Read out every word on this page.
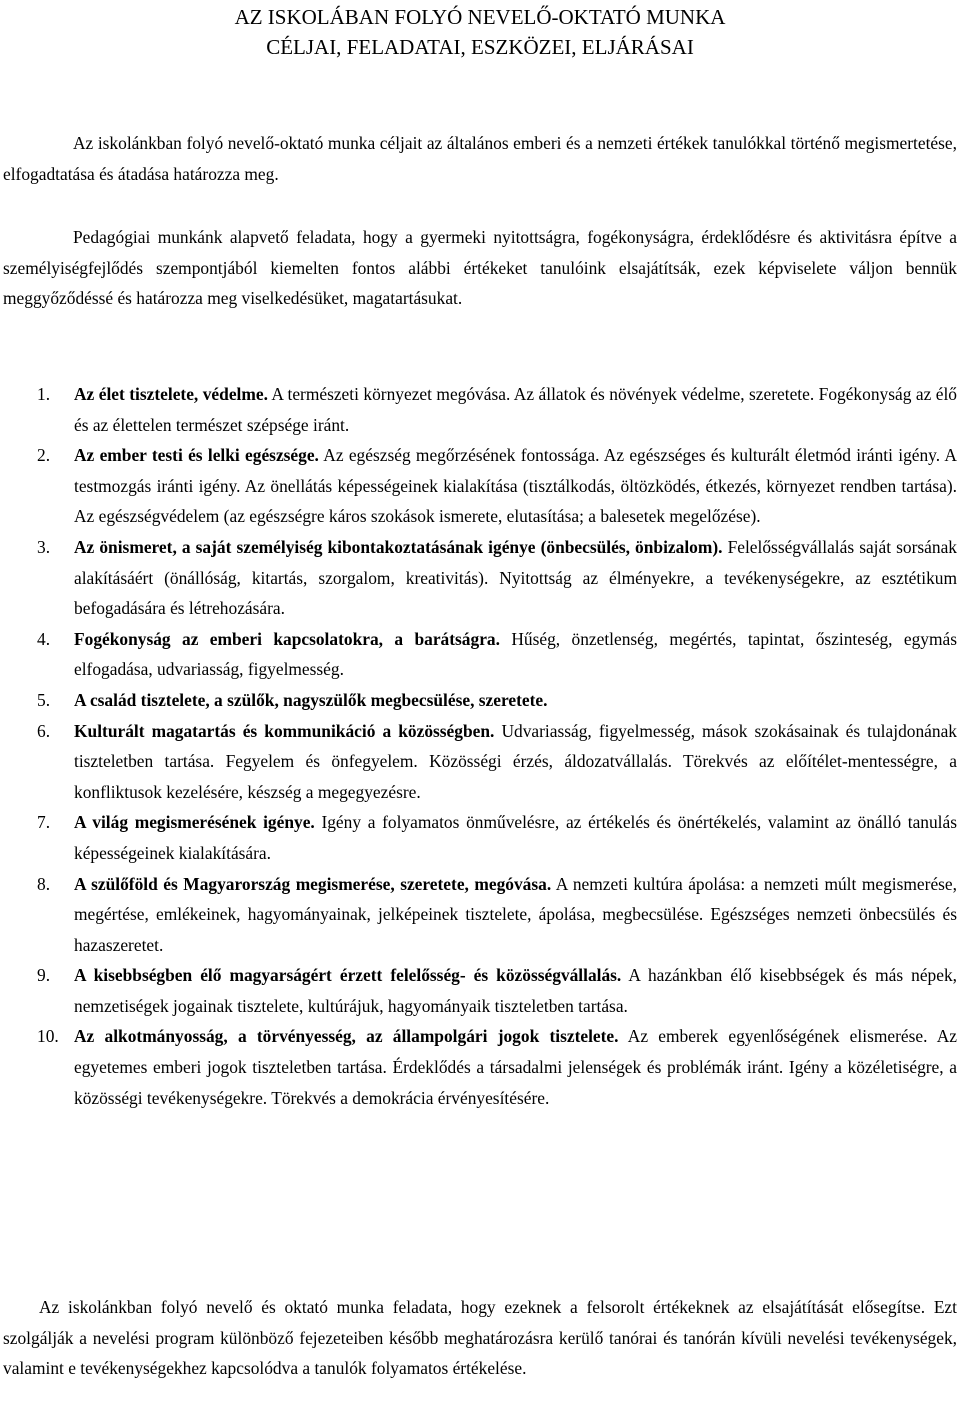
AZ ISKOLÁBAN FOLYÓ NEVELŐ-OKTATÓ MUNKA
CÉLJAI, FELADATAI, ESZKÖZEI, ELJÁRÁSAI

Az iskolánkban folyó nevelő-oktató munka céljait az általános emberi és a nemzeti értékek tanulókkal történő megismertetése, elfogadtatása és átadása határozza meg.

Pedagógiai munkánk alapvető feladata, hogy a gyermeki nyitottságra, fogékonyságra, érdeklődésre és aktivitásra építve a személyiségfejlődés szempontjából kiemelten fontos alábbi értékeket tanulóink elsajátítsák, ezek képviselete váljon bennük meggyőződéssé és határozza meg viselkedésüket, magatartásukat.

1. Az élet tisztelete, védelme. A természeti környezet megóvása. Az állatok és növények védelme, szeretete. Fogékonyság az élő és az élettelen természet szépsége iránt.
2. Az ember testi és lelki egészsége. Az egészség megőrzésének fontossága. Az egészséges és kulturált életmód iránti igény. A testmozgás iránti igény. Az önellátás képességeinek kialakítása (tisztálkodás, öltözködés, étkezés, környezet rendben tartása). Az egészségvédelem (az egészségre káros szokások ismerete, elutasítása; a balesetek megelőzése).
3. Az önismeret, a saját személyiség kibontakoztatásának igénye (önbecsülés, önbizalom). Felelősségvállalás saját sorsának alakításáért (önállóság, kitartás, szorgalom, kreativitás). Nyitottság az élményekre, a tevékenységekre, az esztétikum befogadására és létrehozására.
4. Fogékonyság az emberi kapcsolatokra, a barátságra. Hűség, önzetlenség, megértés, tapintat, őszinteség, egymás elfogadása, udvariasság, figyelmesség.
5. A család tisztelete, a szülők, nagyszülők megbecsülése, szeretete.
6. Kulturált magatartás és kommunikáció a közösségben. Udvariasság, figyelmesség, mások szokásainak és tulajdonának tiszteletben tartása. Fegyelem és önfegyelem. Közösségi érzés, áldozatvállalás. Törekvés az előítélet-mentességre, a konfliktusok kezelésére, készség a megegyezésre.
7. A világ megismerésének igénye. Igény a folyamatos önművelésre, az értékelés és önértékelés, valamint az önálló tanulás képességeinek kialakítására.
8. A szülőföld és Magyarország megismerése, szeretete, megóvása. A nemzeti kultúra ápolása: a nemzeti múlt megismerése, megértése, emlékeinek, hagyományainak, jelképeinek tisztelete, ápolása, megbecsülése. Egészséges nemzeti önbecsülés és hazaszeretet.
9. A kisebbségben élő magyarságért érzett felelősség- és közösségvállalás. A hazánkban élő kisebbségek és más népek, nemzetiségek jogainak tisztelete, kultúrájuk, hagyományaik tiszteletben tartása.
10. Az alkotmányosság, a törvényesség, az állampolgári jogok tisztelete. Az emberek egyenlőségének elismerése. Az egyetemes emberi jogok tiszteletben tartása. Érdeklődés a társadalmi jelenségek és problémák iránt. Igény a közéletiségre, a közösségi tevékenységekre. Törekvés a demokrácia érvényesítésére.

Az iskolánkban folyó nevelő és oktató munka feladata, hogy ezeknek a felsorolt értékeknek az elsajátítását elősegítse. Ezt szolgálják a nevelési program különböző fejezeteiben később meghatározásra kerülő tanórai és tanórán kívüli nevelési tevékenységek, valamint e tevékenységekhez kapcsolódva a tanulók folyamatos értékelése.
